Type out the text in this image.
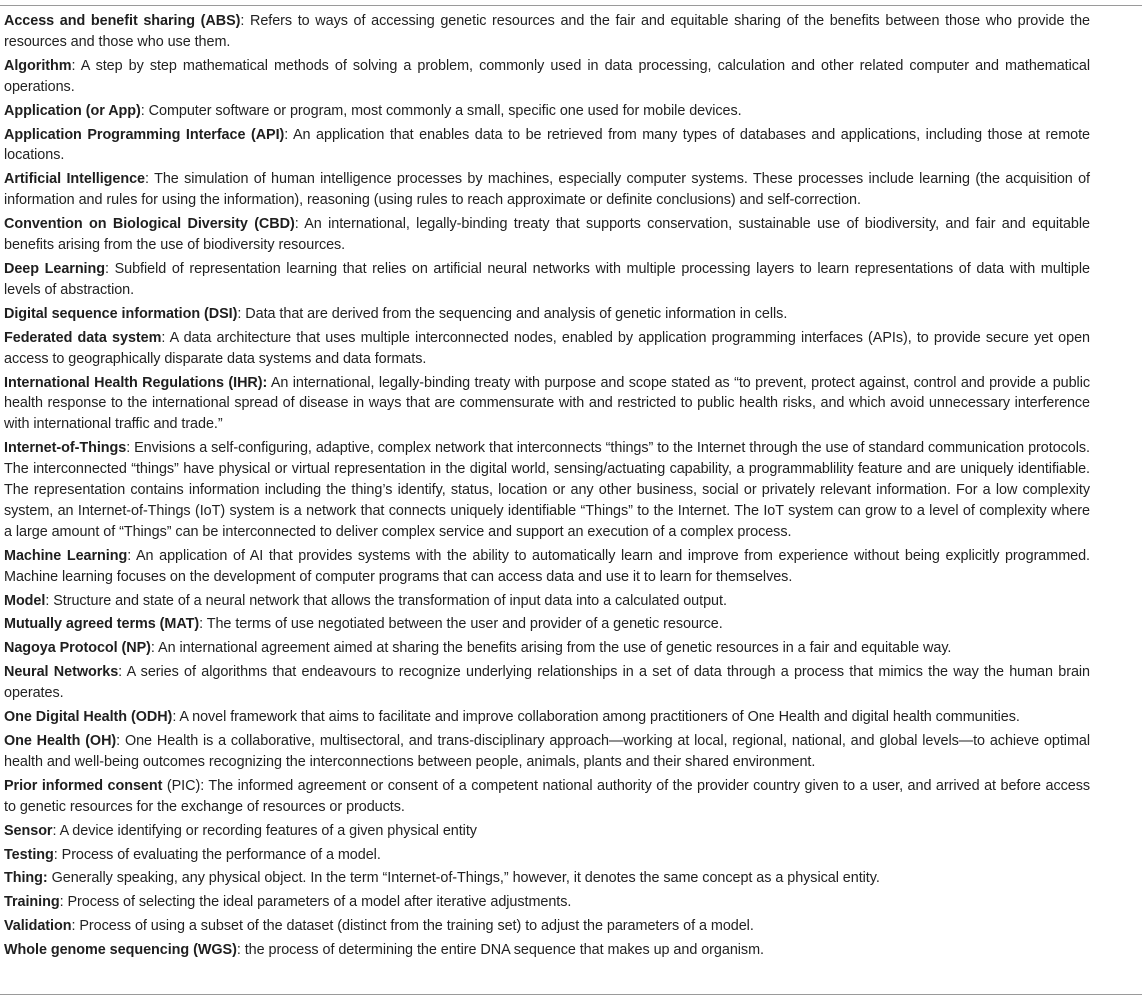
Access and benefit sharing (ABS): Refers to ways of accessing genetic resources and the fair and equitable sharing of the benefits between those who provide the resources and those who use them.

Algorithm: A step by step mathematical methods of solving a problem, commonly used in data processing, calculation and other related computer and mathematical operations.

Application (or App): Computer software or program, most commonly a small, specific one used for mobile devices.

Application Programming Interface (API): An application that enables data to be retrieved from many types of databases and applications, including those at remote locations.

Artificial Intelligence: The simulation of human intelligence processes by machines, especially computer systems. These processes include learning (the acquisition of information and rules for using the information), reasoning (using rules to reach approximate or definite conclusions) and self-correction.

Convention on Biological Diversity (CBD): An international, legally-binding treaty that supports conservation, sustainable use of biodiversity, and fair and equitable benefits arising from the use of biodiversity resources.

Deep Learning: Subfield of representation learning that relies on artificial neural networks with multiple processing layers to learn representations of data with multiple levels of abstraction.

Digital sequence information (DSI): Data that are derived from the sequencing and analysis of genetic information in cells.

Federated data system: A data architecture that uses multiple interconnected nodes, enabled by application programming interfaces (APIs), to provide secure yet open access to geographically disparate data systems and data formats.

International Health Regulations (IHR): An international, legally-binding treaty with purpose and scope stated as “to prevent, protect against, control and provide a public health response to the international spread of disease in ways that are commensurate with and restricted to public health risks, and which avoid unnecessary interference with international traffic and trade.”

Internet-of-Things: Envisions a self-configuring, adaptive, complex network that interconnects “things” to the Internet through the use of standard communication protocols. The interconnected “things” have physical or virtual representation in the digital world, sensing/actuating capability, a programmablility feature and are uniquely identifiable. The representation contains information including the thing’s identify, status, location or any other business, social or privately relevant information. For a low complexity system, an Internet-of-Things (IoT) system is a network that connects uniquely identifiable “Things” to the Internet. The IoT system can grow to a level of complexity where a large amount of “Things” can be interconnected to deliver complex service and support an execution of a complex process.

Machine Learning: An application of AI that provides systems with the ability to automatically learn and improve from experience without being explicitly programmed. Machine learning focuses on the development of computer programs that can access data and use it to learn for themselves.

Model: Structure and state of a neural network that allows the transformation of input data into a calculated output.

Mutually agreed terms (MAT): The terms of use negotiated between the user and provider of a genetic resource.

Nagoya Protocol (NP): An international agreement aimed at sharing the benefits arising from the use of genetic resources in a fair and equitable way.

Neural Networks: A series of algorithms that endeavours to recognize underlying relationships in a set of data through a process that mimics the way the human brain operates.

One Digital Health (ODH): A novel framework that aims to facilitate and improve collaboration among practitioners of One Health and digital health communities.

One Health (OH): One Health is a collaborative, multisectoral, and trans-disciplinary approach—working at local, regional, national, and global levels—to achieve optimal health and well-being outcomes recognizing the interconnections between people, animals, plants and their shared environment.

Prior informed consent (PIC): The informed agreement or consent of a competent national authority of the provider country given to a user, and arrived at before access to genetic resources for the exchange of resources or products.

Sensor: A device identifying or recording features of a given physical entity

Testing: Process of evaluating the performance of a model.

Thing: Generally speaking, any physical object. In the term “Internet-of-Things,” however, it denotes the same concept as a physical entity.

Training: Process of selecting the ideal parameters of a model after iterative adjustments.

Validation: Process of using a subset of the dataset (distinct from the training set) to adjust the parameters of a model.

Whole genome sequencing (WGS): the process of determining the entire DNA sequence that makes up and organism.
